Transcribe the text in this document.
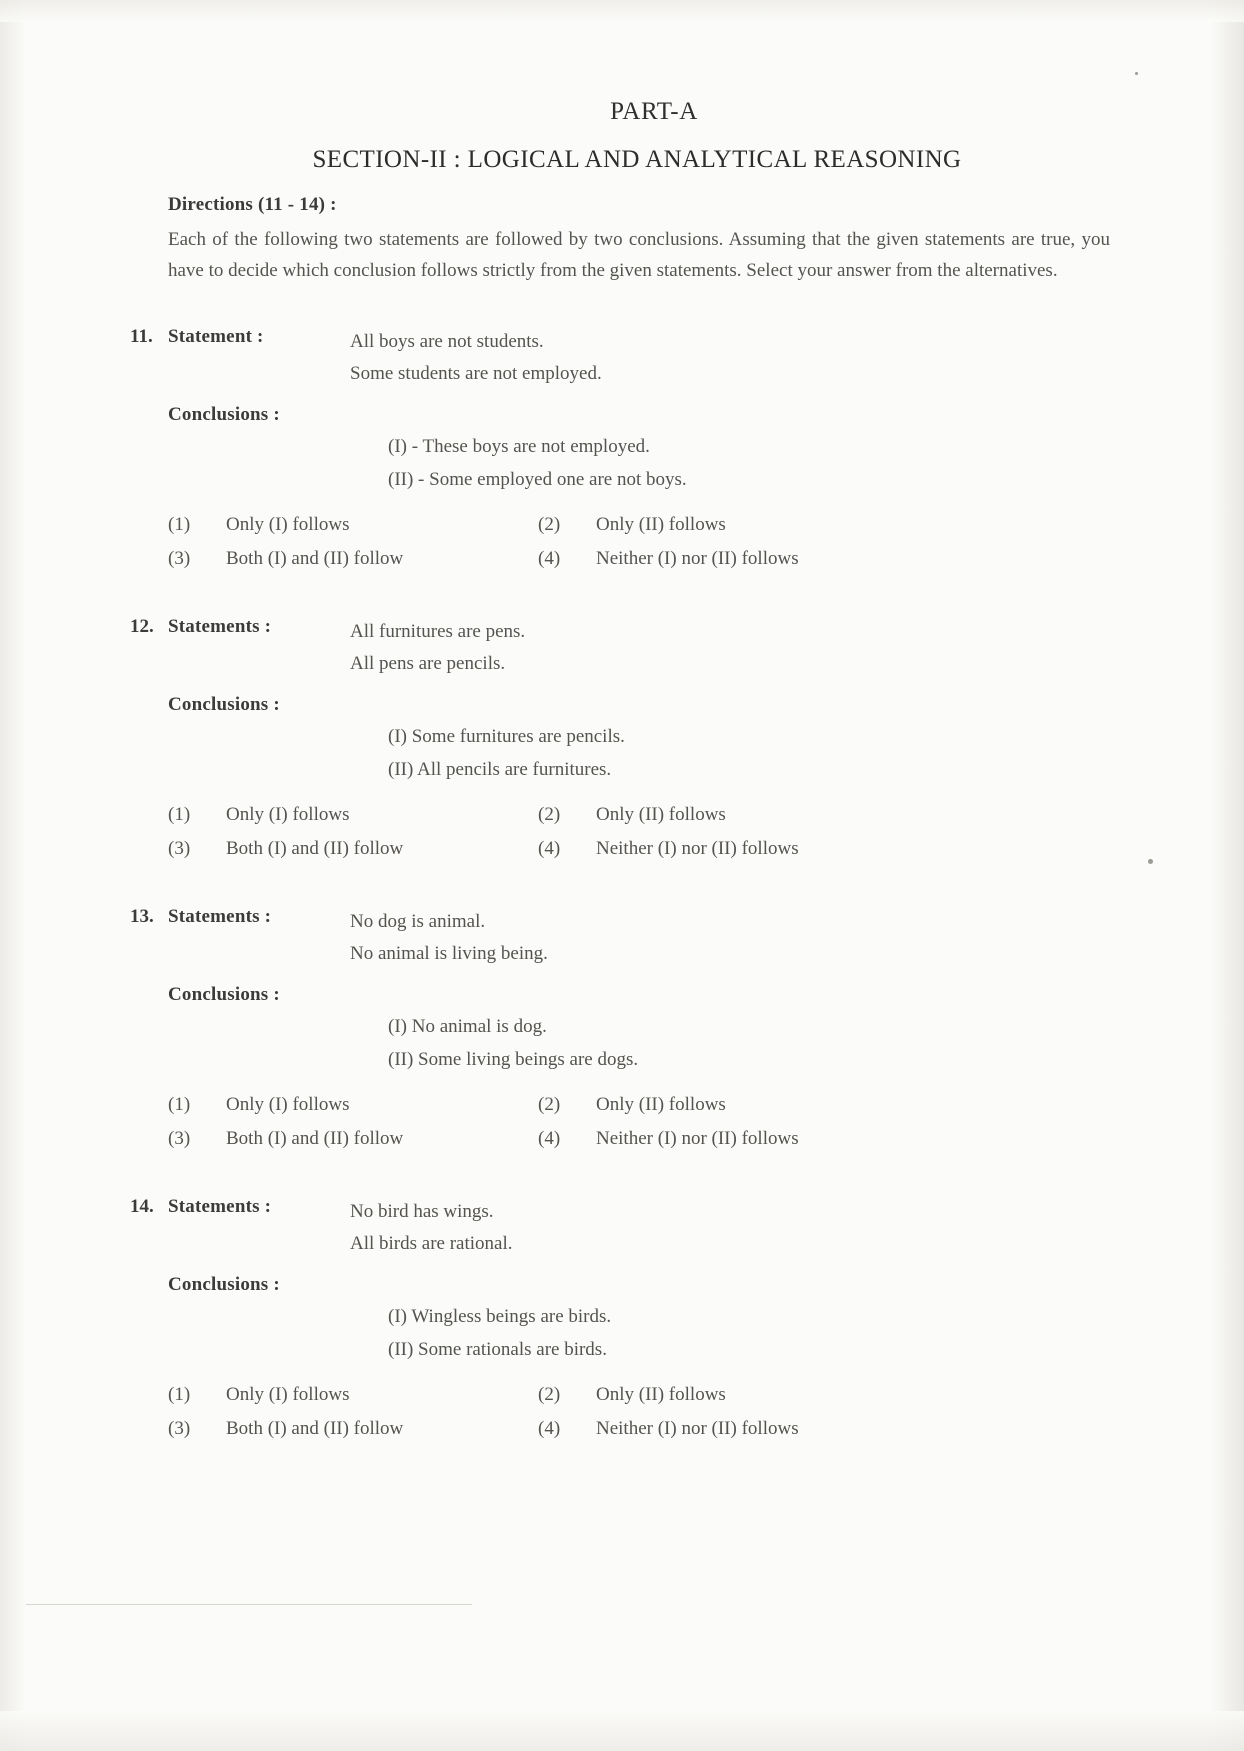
PART-A
SECTION-II : LOGICAL AND ANALYTICAL REASONING
Directions (11 - 14) :

Each of the following two statements are followed by two conclusions. Assuming that the given statements are true, you have to decide which conclusion follows strictly from the given statements. Select your answer from the alternatives.

11. Statement :	All boys are not students.
Some students are not employed.
Conclusions :
(I) - These boys are not employed.
(II) - Some employed one are not boys.
(1)	Only (I) follows	(2)	Only (II) follows
(3)	Both (I) and (II) follow	(4)	Neither (I) nor (II) follows
12. Statements :	All furnitures are pens.
All pens are pencils.
Conclusions :
(I) Some furnitures are pencils.
(II) All pencils are furnitures.
(1)	Only (I) follows	(2)	Only (II) follows
(3)	Both (I) and (II) follow	(4)	Neither (I) nor (II) follows
13. Statements :	No dog is animal.
No animal is living being.
Conclusions :
(I) No animal is dog.
(II) Some living beings are dogs.
(1)	Only (I) follows	(2)	Only (II) follows
(3)	Both (I) and (II) follow	(4)	Neither (I) nor (II) follows
14. Statements :	No bird has wings.
All birds are rational.
Conclusions :
(I) Wingless beings are birds.
(II) Some rationals are birds.
(1)	Only (I) follows	(2)	Only (II) follows
(3)	Both (I) and (II) follow	(4)	Neither (I) nor (II) follows
